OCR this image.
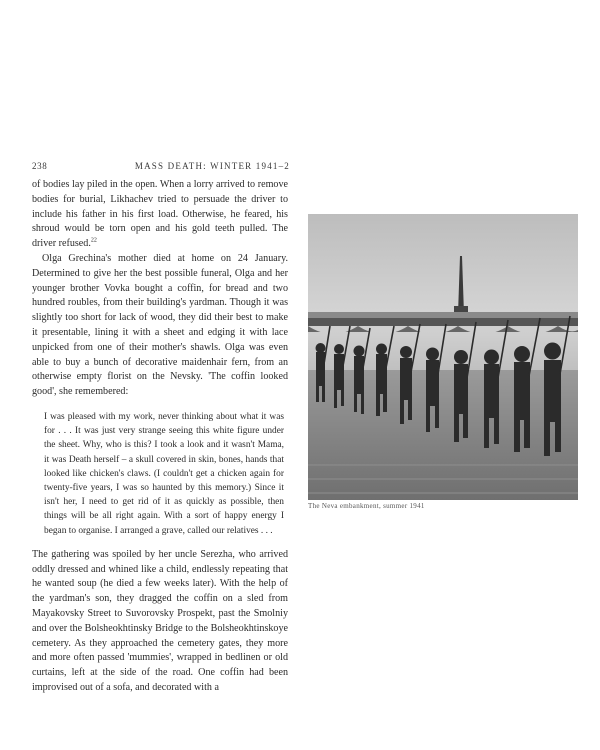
238	MASS DEATH: WINTER 1941–2

of bodies lay piled in the open. When a lorry arrived to remove bodies for burial, Likhachev tried to persuade the driver to include his father in his first load. Otherwise, he feared, his shroud would be torn open and his gold teeth pulled. The driver refused.$^{22}$

Olga Grechina's mother died at home on 24 January. Determined to give her the best possible funeral, Olga and her younger brother Vovka bought a coffin, for bread and two hundred roubles, from their building's yardman. Though it was slightly too short for lack of wood, they did their best to make it presentable, lining it with a sheet and edging it with lace unpicked from one of their mother's shawls. Olga was even able to buy a bunch of decorative maidenhair fern, from an otherwise empty florist on the Nevsky. 'The coffin looked good', she remembered:

I was pleased with my work, never thinking about what it was for . . . It was just very strange seeing this white figure under the sheet. Why, who is this? I took a look and it wasn't Mama, it was Death herself – a skull covered in skin, bones, hands that looked like chicken's claws. (I couldn't get a chicken again for twenty-five years, I was so haunted by this memory.) Since it isn't her, I need to get rid of it as quickly as possible, then things will be all right again. With a sort of happy energy I began to organise. I arranged a grave, called our relatives . . .

The gathering was spoiled by her uncle Serezha, who arrived oddly dressed and whined like a child, endlessly repeating that he wanted soup (he died a few weeks later). With the help of the yardman's son, they dragged the coffin on a sled from Mayakovsky Street to Suvorovsky Prospekt, past the Smolniy and over the Bolsheokhtinsky Bridge to the Bolsheokhtinskoye cemetery. As they approached the cemetery gates, they more and more often passed 'mummies', wrapped in bedlinen or old curtains, left at the side of the road. One coffin had been improvised out of a sofa, and decorated with a

The Neva embankment, summer 1941
